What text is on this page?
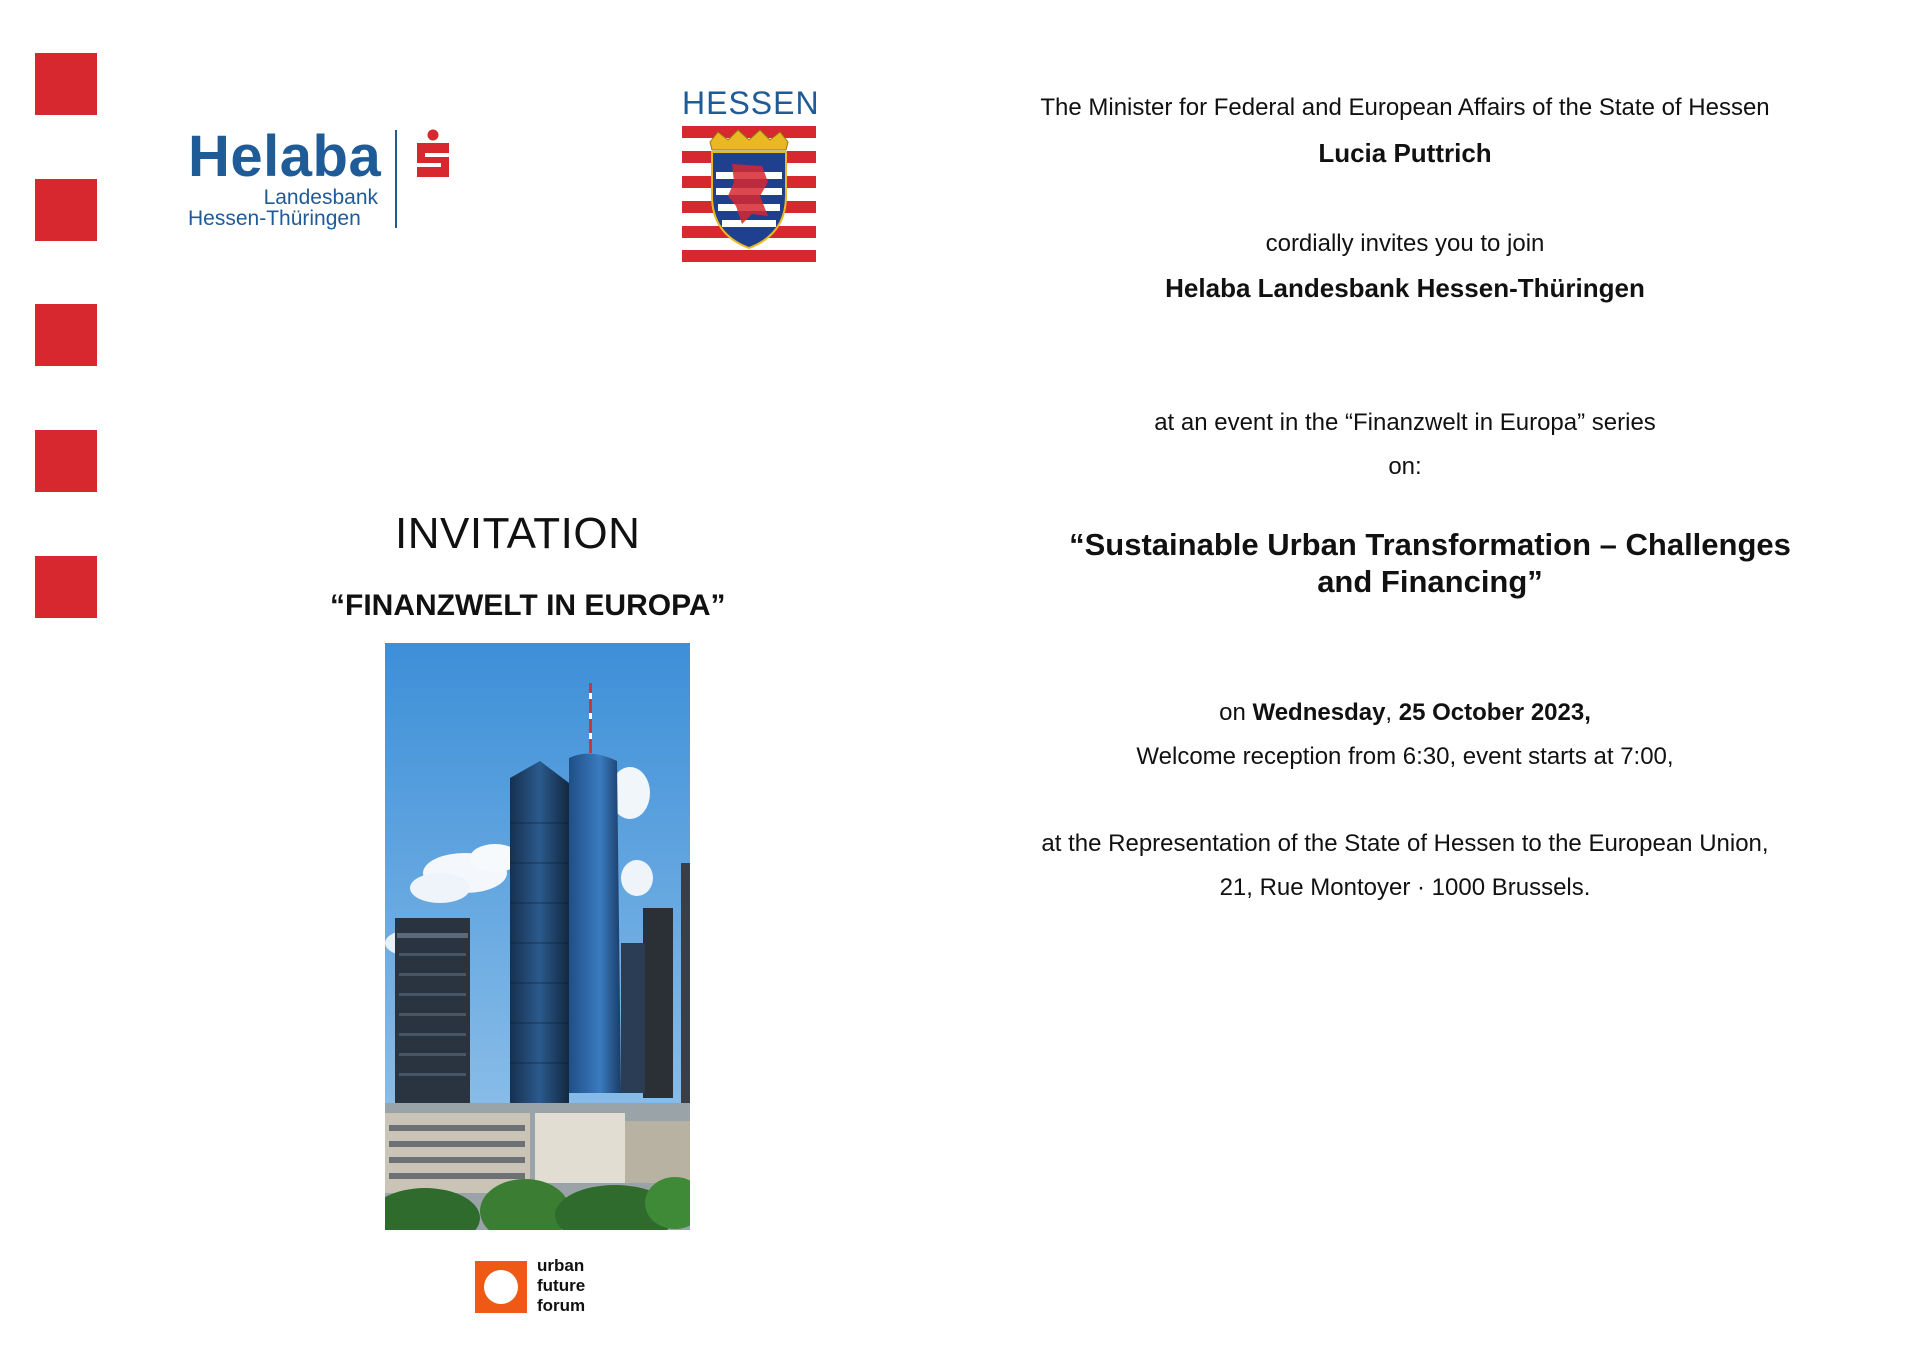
Helaba
Landesbank
Hessen-Thüringen
HESSEN
INVITATION
“FINANZWELT IN EUROPA”
urban
future
forum
The Minister for Federal and European Affairs of the State of Hessen
Lucia Puttrich
cordially invites you to join
Helaba Landesbank Hessen-Thüringen
at an event in the “Finanzwelt in Europa” series
on:
“Sustainable Urban Transformation – Challenges and Financing”
on Wednesday, 25 October 2023,
Welcome reception from 6:30, event starts at 7:00,
at the Representation of the State of Hessen to the European Union,
21, Rue Montoyer · 1000 Brussels.
